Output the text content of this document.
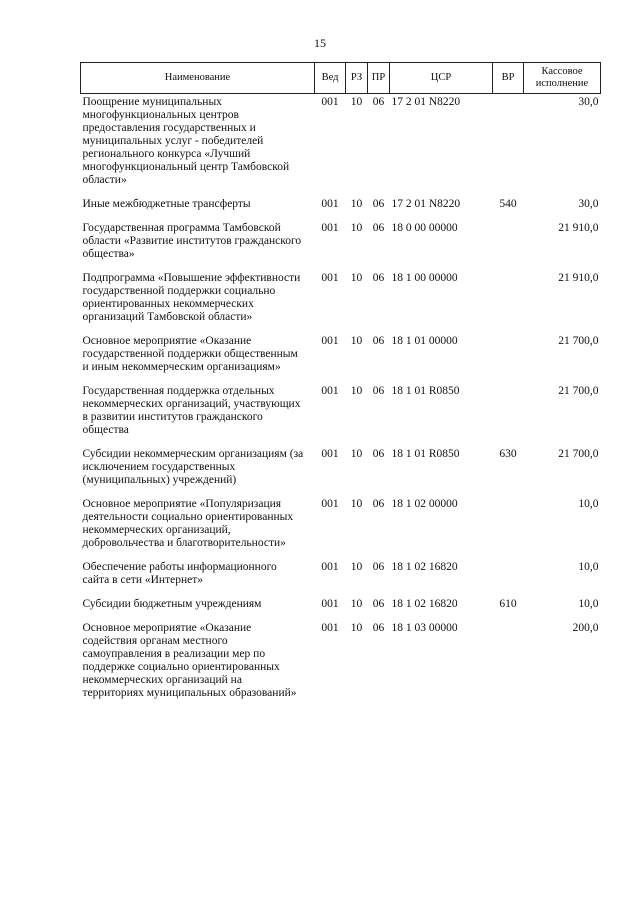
15
Наименование	Вед	РЗ	ПР	ЦСР	ВР	Кассовое исполнение
Поощрение муниципальных многофункциональных центров предоставления государственных и муниципальных услуг - победителей регионального конкурса «Лучший многофункциональный центр Тамбовской области»	001	10	06	17 2 01 N8220		30,0
Иные межбюджетные трансферты	001	10	06	17 2 01 N8220	540	30,0
Государственная программа Тамбовской области «Развитие институтов гражданского общества»	001	10	06	18 0 00 00000		21 910,0
Подпрограмма «Повышение эффективности государственной поддержки социально ориентированных некоммерческих организаций Тамбовской области»	001	10	06	18 1 00 00000		21 910,0
Основное мероприятие «Оказание государственной поддержки общественным и иным некоммерческим организациям»	001	10	06	18 1 01 00000		21 700,0
Государственная поддержка отдельных некоммерческих организаций, участвующих в развитии институтов гражданского общества	001	10	06	18 1 01 R0850		21 700,0
Субсидии некоммерческим организациям (за исключением государственных (муниципальных) учреждений)	001	10	06	18 1 01 R0850	630	21 700,0
Основное мероприятие «Популяризация деятельности социально ориентированных некоммерческих организаций, добровольчества и благотворительности»	001	10	06	18 1 02 00000		10,0
Обеспечение работы информационного сайта в сети «Интернет»	001	10	06	18 1 02 16820		10,0
Субсидии бюджетным учреждениям	001	10	06	18 1 02 16820	610	10,0
Основное мероприятие «Оказание содействия органам местного самоуправления в реализации мер по поддержке социально ориентированных некоммерческих организаций на территориях муниципальных образований»	001	10	06	18 1 03 00000		200,0
